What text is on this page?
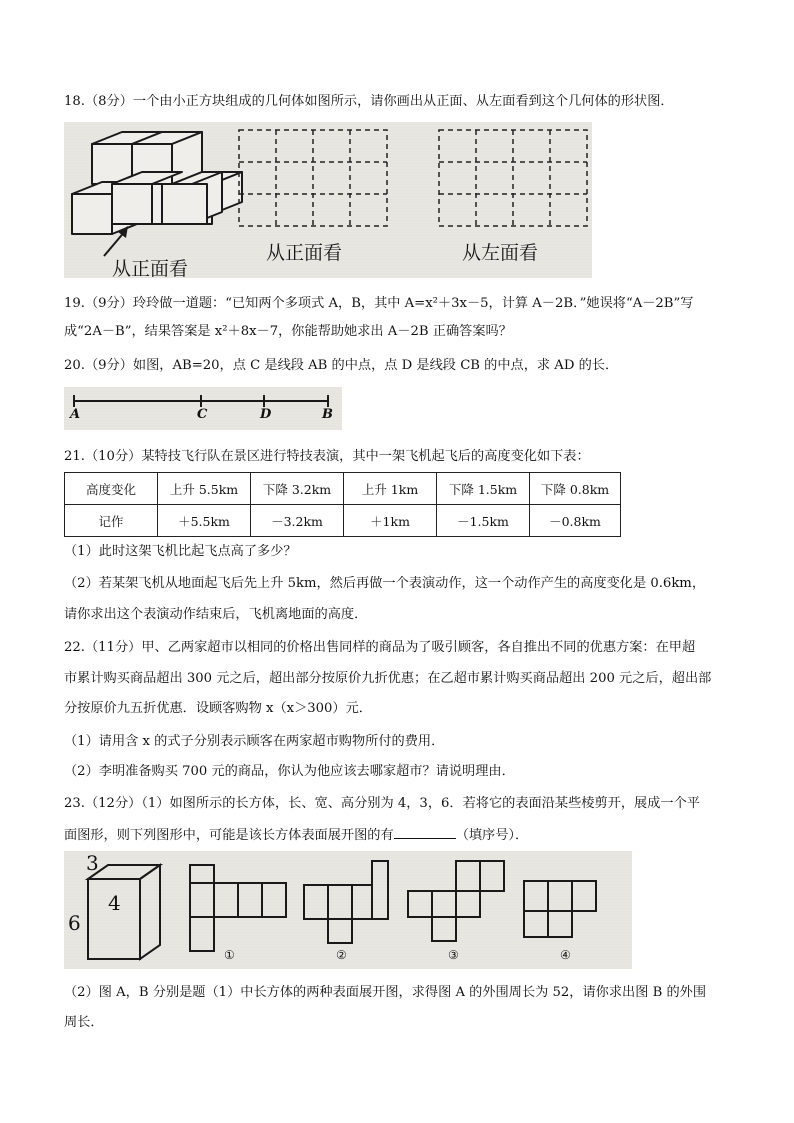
18.（8分）一个由小正方块组成的几何体如图所示，请你画出从正面、从左面看到这个几何体的形状图．
从正面看
从正面看	从左面看
19.（9分）玲玲做一道题：“已知两个多项式 A，B，其中 A=x²＋3x－5，计算 A－2B．”她误将“A－2B”写
成“2A－B”，结果答案是 x²＋8x－7，你能帮助她求出 A－2B 正确答案吗？
20.（9分）如图，AB=20，点 C 是线段 AB 的中点，点 D 是线段 CB 的中点，求 AD 的长．
A	C	D	B
21.（10分）某特技飞行队在景区进行特技表演，其中一架飞机起飞后的高度变化如下表：
高度变化	上升 5.5km	下降 3.2km	上升 1km	下降 1.5km	下降 0.8km
记作	＋5.5km	－3.2km	＋1km	－1.5km	－0.8km
（1）此时这架飞机比起飞点高了多少？
（2）若某架飞机从地面起飞后先上升 5km，然后再做一个表演动作，这一个动作产生的高度变化是 0.6km，
请你求出这个表演动作结束后，飞机离地面的高度．
22.（11分）甲、乙两家超市以相同的价格出售同样的商品为了吸引顾客，各自推出不同的优惠方案：在甲超
市累计购买商品超出 300 元之后，超出部分按原价九折优惠；在乙超市累计购买商品超出 200 元之后，超出部
分按原价九五折优惠．设顾客购物 x（x＞300）元．
（1）请用含 x 的式子分别表示顾客在两家超市购物所付的费用．
（2）李明准备购买 700 元的商品，你认为他应该去哪家超市？请说明理由．
23.（12分）（1）如图所示的长方体，长、宽、高分别为 4，3，6．若将它的表面沿某些棱剪开，展成一个平
面图形，则下列图形中，可能是该长方体表面展开图的有	（填序号）．
3
4
6
①	②	③	④
（2）图 A，B 分别是题（1）中长方体的两种表面展开图，求得图 A 的外围周长为 52，请你求出图 B 的外围
周长．
